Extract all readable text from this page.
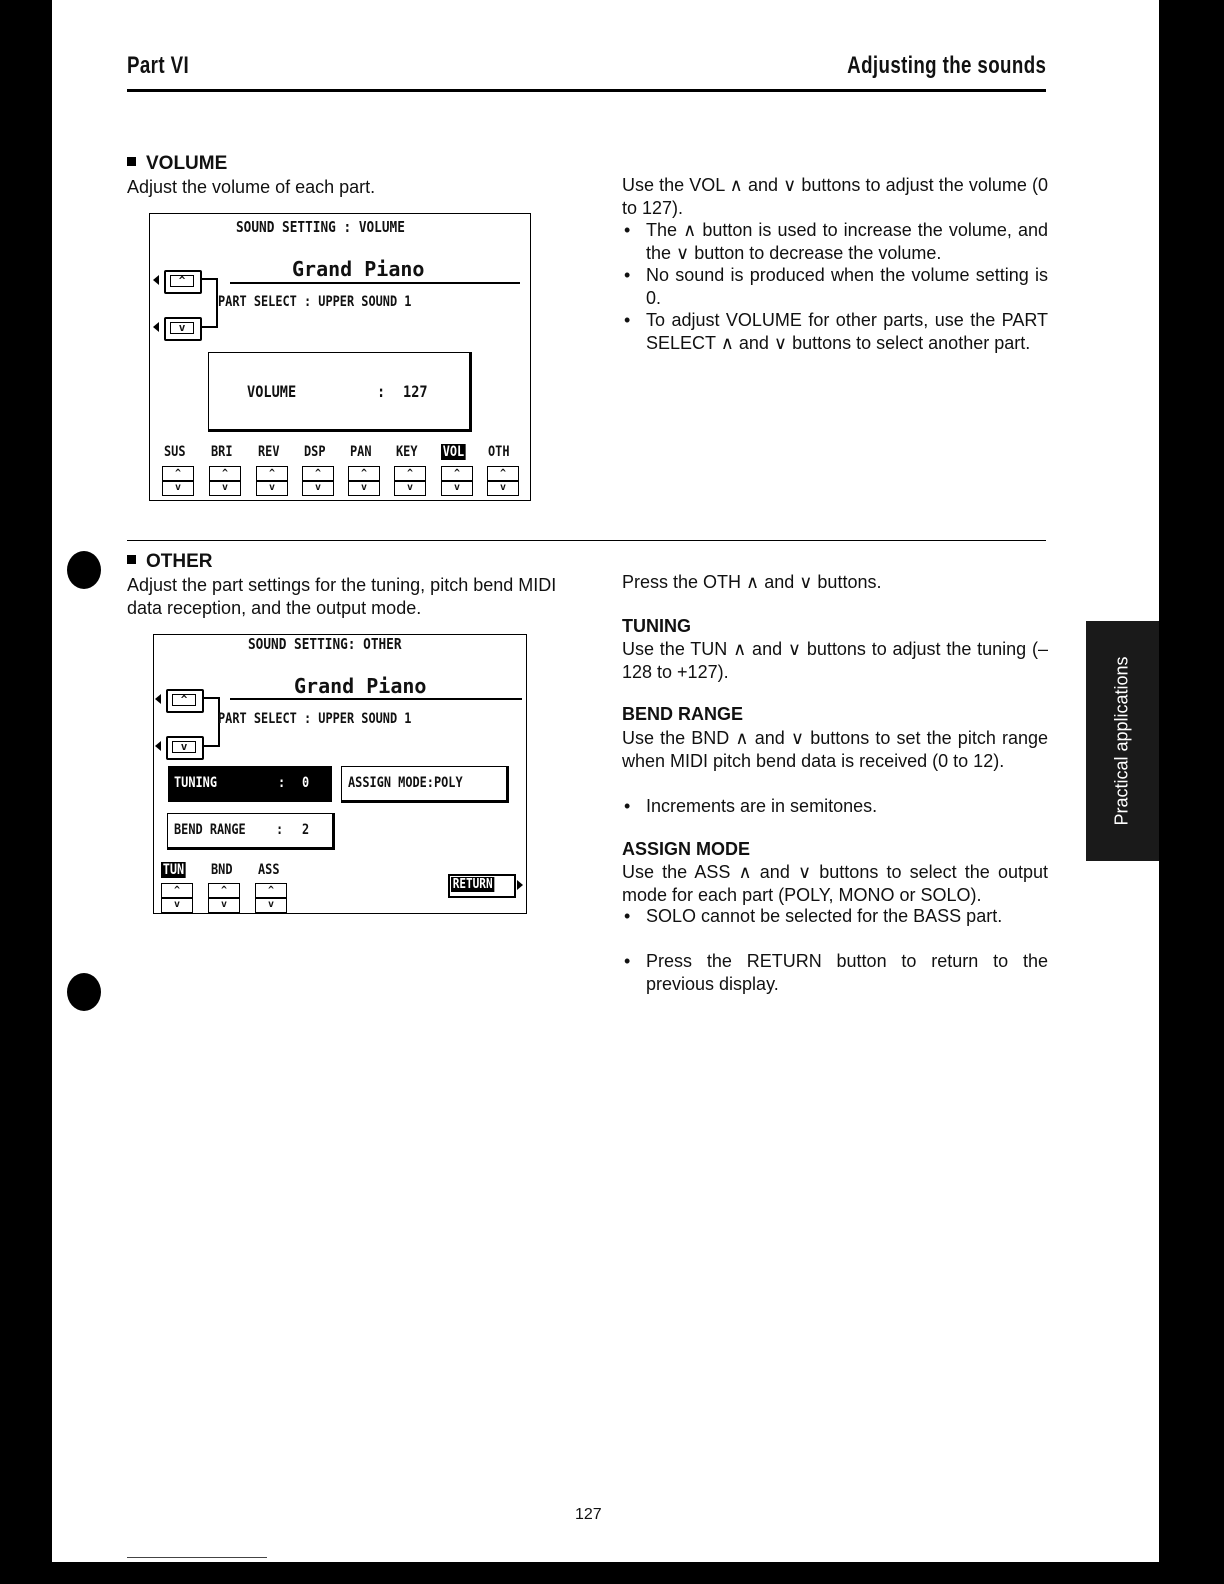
Part VI	Adjusting the sounds
VOLUME
Adjust the volume of each part.
SOUND SETTING : VOLUME
^
v
Grand Piano
PART SELECT : UPPER SOUND 1
VOLUME	: 127
SUS BRI REV DSP PAN KEY VOL OTH
^
v
^
v
^
v
^
v
^
v
^
v
^
v
^
v
Use the VOL ∧ and ∨ buttons to adjust the volume (0 to 127).
• The ∧ button is used to increase the volume, and the ∨ button to decrease the volume.
• No sound is produced when the volume setting is 0.
• To adjust VOLUME for other parts, use the PART SELECT ∧ and ∨ buttons to select another part.
OTHER
Adjust the part settings for the tuning, pitch bend MIDI data reception, and the output mode.
SOUND SETTING: OTHER
^
v
Grand Piano
PART SELECT : UPPER SOUND 1
TUNING	: 0	ASSIGN MODE:POLY
BEND RANGE : 2
TUN BND ASS
^
v
^
v
^
v
RETURN
Press the OTH ∧ and ∨ buttons.
TUNING
Use the TUN ∧ and ∨ buttons to adjust the tuning (–128 to +127).
BEND RANGE
Use the BND ∧ and ∨ buttons to set the pitch range when MIDI pitch bend data is received (0 to 12).
• Increments are in semitones.
ASSIGN MODE
Use the ASS ∧ and ∨ buttons to select the output mode for each part (POLY, MONO or SOLO).
• SOLO cannot be selected for the BASS part.
• Press the RETURN button to return to the previous display.
Practical applications
127
